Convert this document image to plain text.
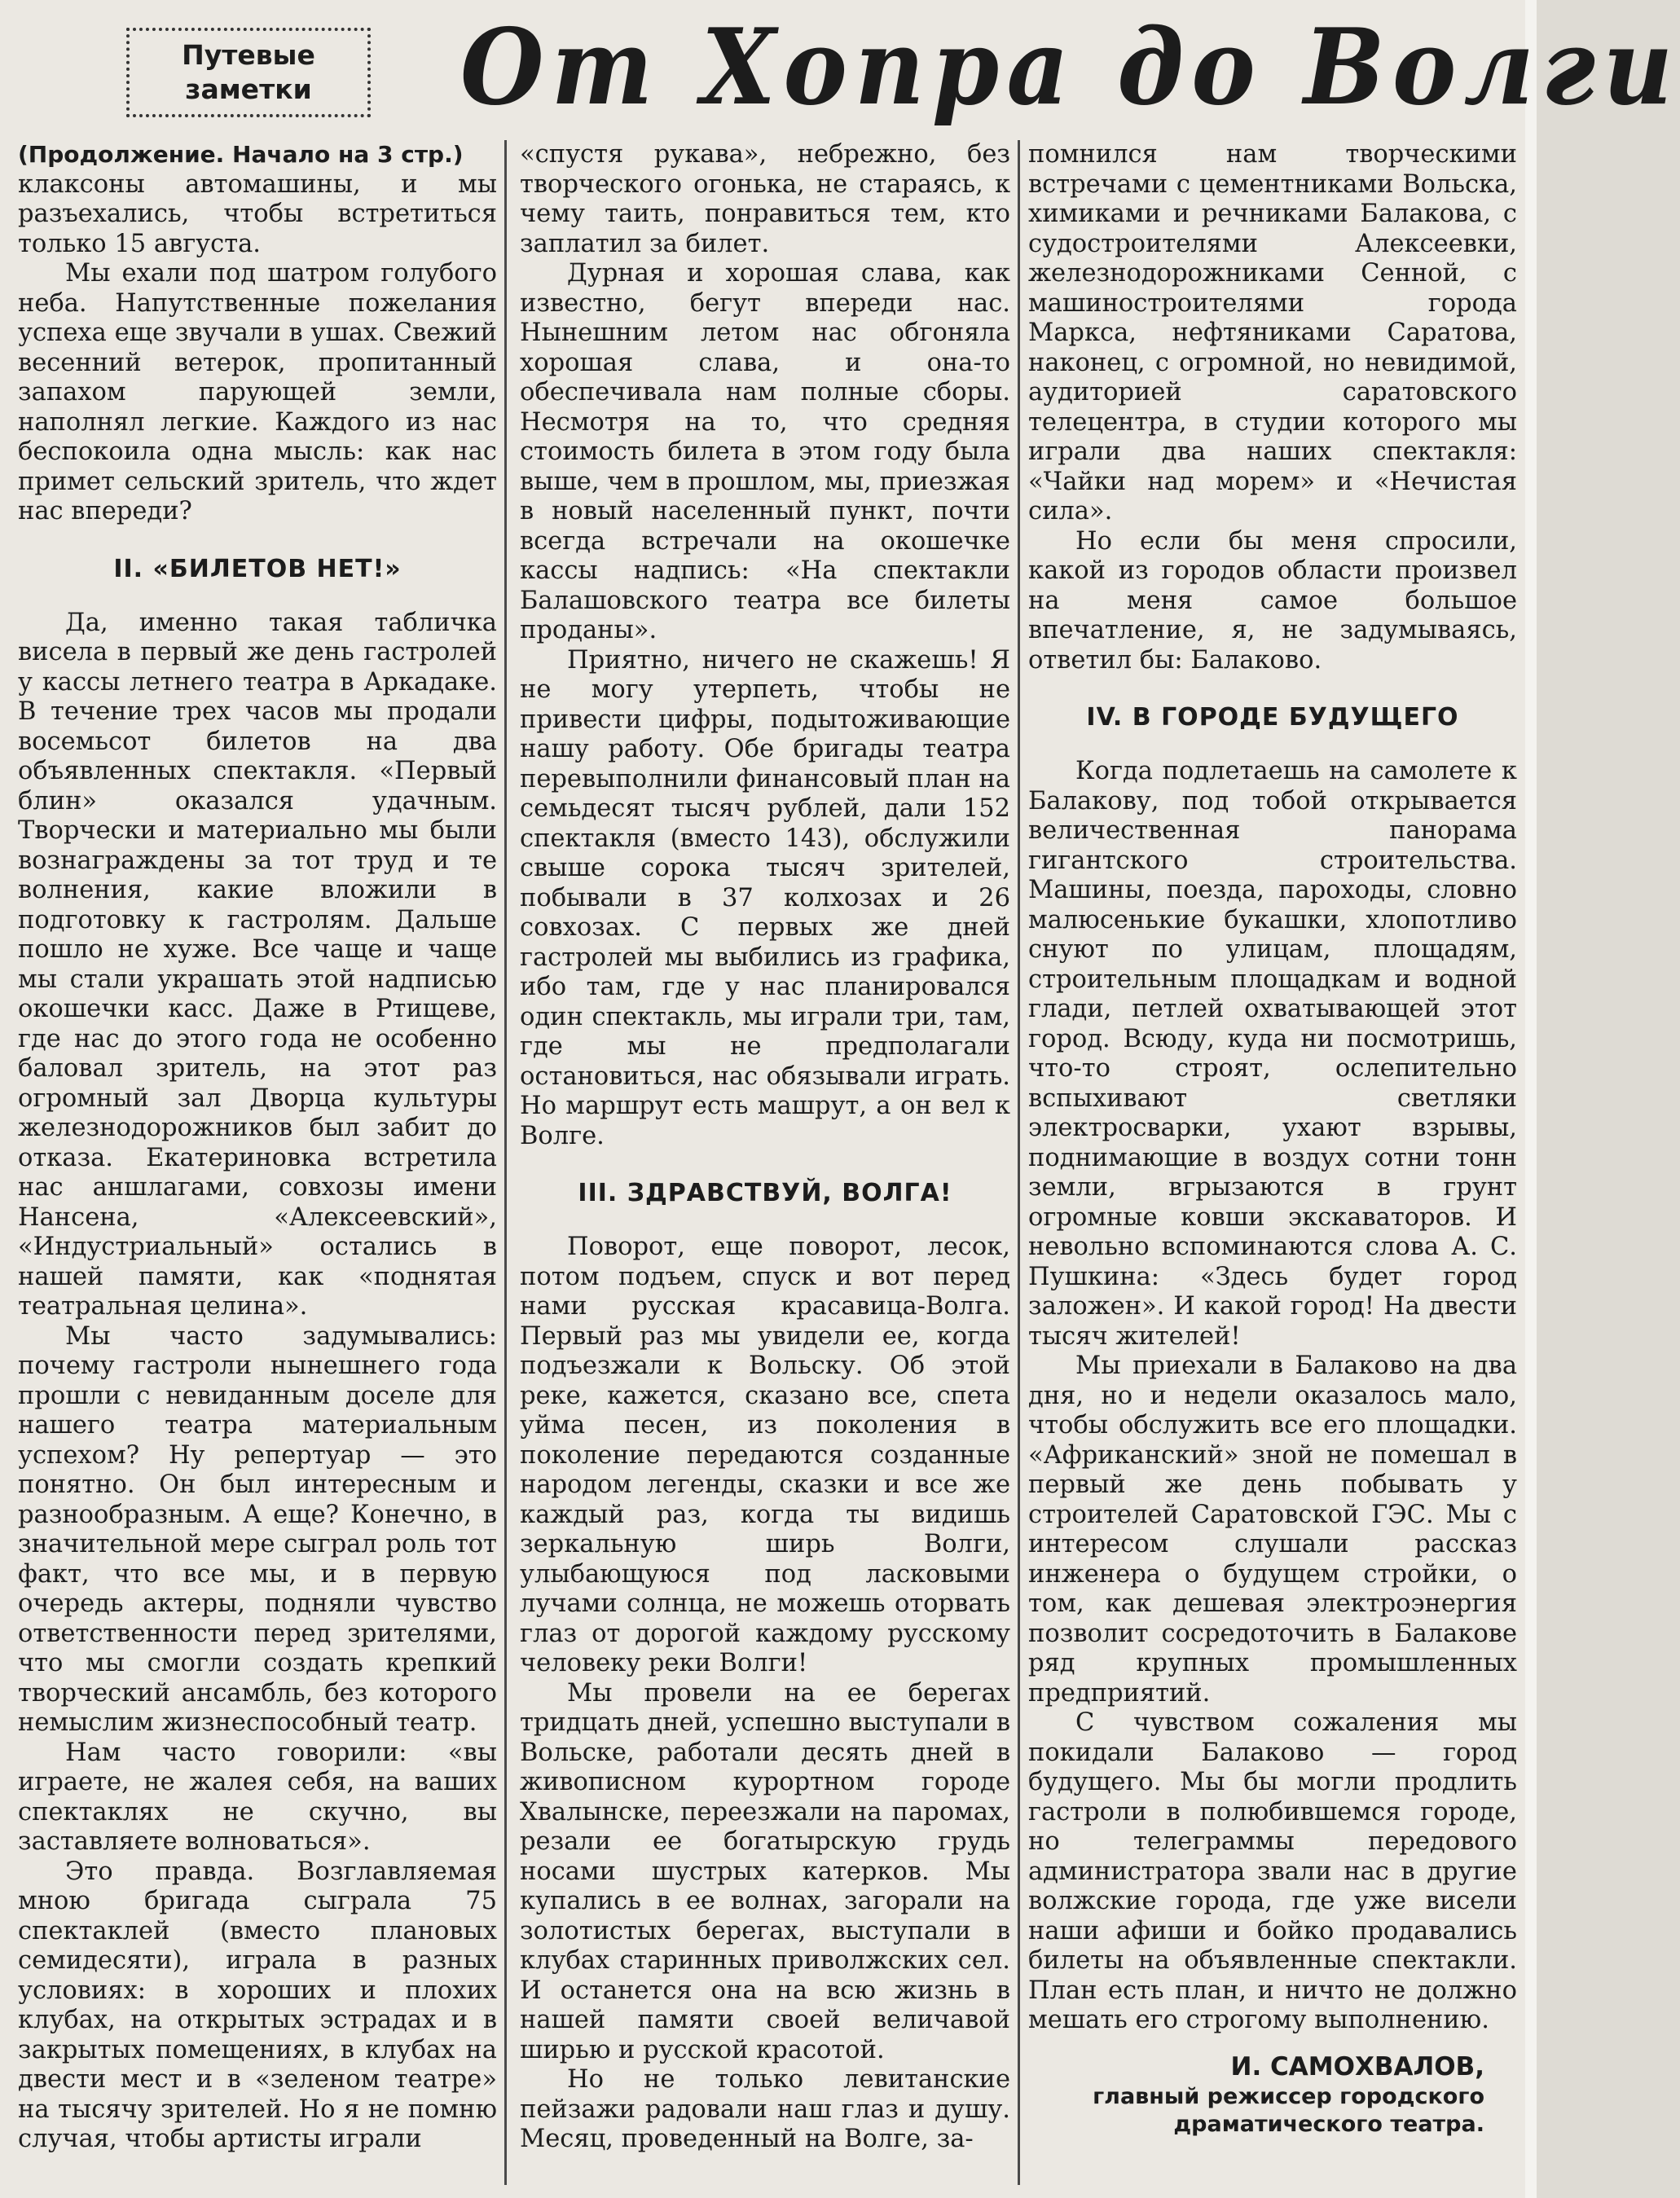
Путевые
заметки От Хопра до Волги

(Продолжение. Начало на 3 стр.)

клаксоны автомашины, и мы разъехались, чтобы встретиться только 15 августа.

Мы ехали под шатром голубого неба. Напутственные пожелания успеха еще звучали в ушах. Свежий весенний ветерок, пропитанный запахом парующей земли, наполнял легкие. Каждого из нас беспокоила одна мысль: как нас примет сельский зритель, что ждет нас впереди?

II. «БИЛЕТОВ НЕТ!»

Да, именно такая табличка висела в первый же день гастролей у кассы летнего театра в Аркадаке. В течение трех часов мы продали восемьсот билетов на два объявленных спектакля. «Первый блин» оказался удачным. Творчески и материально мы были вознаграждены за тот труд и те волнения, какие вложили в подготовку к гастролям. Дальше пошло не хуже. Все чаще и чаще мы стали украшать этой надписью окошечки касс. Даже в Ртищеве, где нас до этого года не особенно баловал зритель, на этот раз огромный зал Дворца культуры железнодорожников был забит до отказа. Екатериновка встретила нас аншлагами, совхозы имени Нансена, «Алексеевский», «Индустриальный» остались в нашей памяти, как «поднятая театральная целина».

Мы часто задумывались: почему гастроли нынешнего года прошли с невиданным доселе для нашего театра материальным успехом? Ну репертуар — это понятно. Он был интересным и разнообразным. А еще? Конечно, в значительной мере сыграл роль тот факт, что все мы, и в первую очередь актеры, подняли чувство ответственности перед зрителями, что мы смогли создать крепкий творческий ансамбль, без которого немыслим жизнеспособный театр.

Нам часто говорили: «вы играете, не жалея себя, на ваших спектаклях не скучно, вы заставляете волноваться».

Это правда. Возглавляемая мною бригада сыграла 75 спектаклей (вместо плановых семидесяти), играла в разных условиях: в хороших и плохих клубах, на открытых эстрадах и в закрытых помещениях, в клубах на двести мест и в «зеленом театре» на тысячу зрителей. Но я не помню случая, чтобы артисты играли

«спустя рукава», небрежно, без творческого огонька, не стараясь, к чему таить, понравиться тем, кто заплатил за билет.

Дурная и хорошая слава, как известно, бегут впереди нас. Нынешним летом нас обгоняла хорошая слава, и она-то обеспечивала нам полные сборы. Несмотря на то, что средняя стоимость билета в этом году была выше, чем в прошлом, мы, приезжая в новый населенный пункт, почти всегда встречали на окошечке кассы надпись: «На спектакли Балашовского театра все билеты проданы».

Приятно, ничего не скажешь! Я не могу утерпеть, чтобы не привести цифры, подытоживающие нашу работу. Обе бригады театра перевыполнили финансовый план на семьдесят тысяч рублей, дали 152 спектакля (вместо 143), обслужили свыше сорока тысяч зрителей, побывали в 37 колхозах и 26 совхозах. С первых же дней гастролей мы выбились из графика, ибо там, где у нас планировался один спектакль, мы играли три, там, где мы не предполагали остановиться, нас обязывали играть. Но маршрут есть машрут, а он вел к Волге.

III. ЗДРАВСТВУЙ, ВОЛГА!

Поворот, еще поворот, лесок, потом подъем, спуск и вот перед нами русская красавица-Волга. Первый раз мы увидели ее, когда подъезжали к Вольску. Об этой реке, кажется, сказано все, спета уйма песен, из поколения в поколение передаются созданные народом легенды, сказки и все же каждый раз, когда ты видишь зеркальную ширь Волги, улыбающуюся под ласковыми лучами солнца, не можешь оторвать глаз от дорогой каждому русскому человеку реки Волги!

Мы провели на ее берегах тридцать дней, успешно выступали в Вольске, работали десять дней в живописном курортном городе Хвалынске, переезжали на паромах, резали ее богатырскую грудь носами шустрых катерков. Мы купались в ее волнах, загорали на золотистых берегах, выступали в клубах старинных приволжских сел. И останется она на всю жизнь в нашей памяти своей величавой ширью и русской красотой.

Но не только левитанские пейзажи радовали наш глаз и душу. Месяц, проведенный на Волге, за-

помнился нам творческими встречами с цементниками Вольска, химиками и речниками Балакова, с судостроителями Алексеевки, железнодорожниками Сенной, с машиностроителями города Маркса, нефтяниками Саратова, наконец, с огромной, но невидимой, аудиторией саратовского телецентра, в студии которого мы играли два наших спектакля: «Чайки над морем» и «Нечистая сила».

Но если бы меня спросили, какой из городов области произвел на меня самое большое впечатление, я, не задумываясь, ответил бы: Балаково.

IV. В ГОРОДЕ БУДУЩЕГО

Когда подлетаешь на самолете к Балакову, под тобой открывается величественная панорама гигантского строительства. Машины, поезда, пароходы, словно малюсенькие букашки, хлопотливо снуют по улицам, площадям, строительным площадкам и водной глади, петлей охватывающей этот город. Всюду, куда ни посмотришь, что-то строят, ослепительно вспыхивают светляки электросварки, ухают взрывы, поднимающие в воздух сотни тонн земли, вгрызаются в грунт огромные ковши экскаваторов. И невольно вспоминаются слова А. С. Пушкина: «Здесь будет город заложен». И какой город! На двести тысяч жителей!

Мы приехали в Балаково на два дня, но и недели оказалось мало, чтобы обслужить все его площадки. «Африканский» зной не помешал в первый же день побывать у строителей Саратовской ГЭС. Мы с интересом слушали рассказ инженера о будущем стройки, о том, как дешевая электроэнергия позволит сосредоточить в Балакове ряд крупных промышленных предприятий.

С чувством сожаления мы покидали Балаково — город будущего. Мы бы могли продлить гастроли в полюбившемся городе, но телеграммы передового администратора звали нас в другие волжские города, где уже висели наши афиши и бойко продавались билеты на объявленные спектакли. План есть план, и ничто не должно мешать его строгому выполнению.

И. САМОХВАЛОВ,
главный режиссер городского
драматического театра.
